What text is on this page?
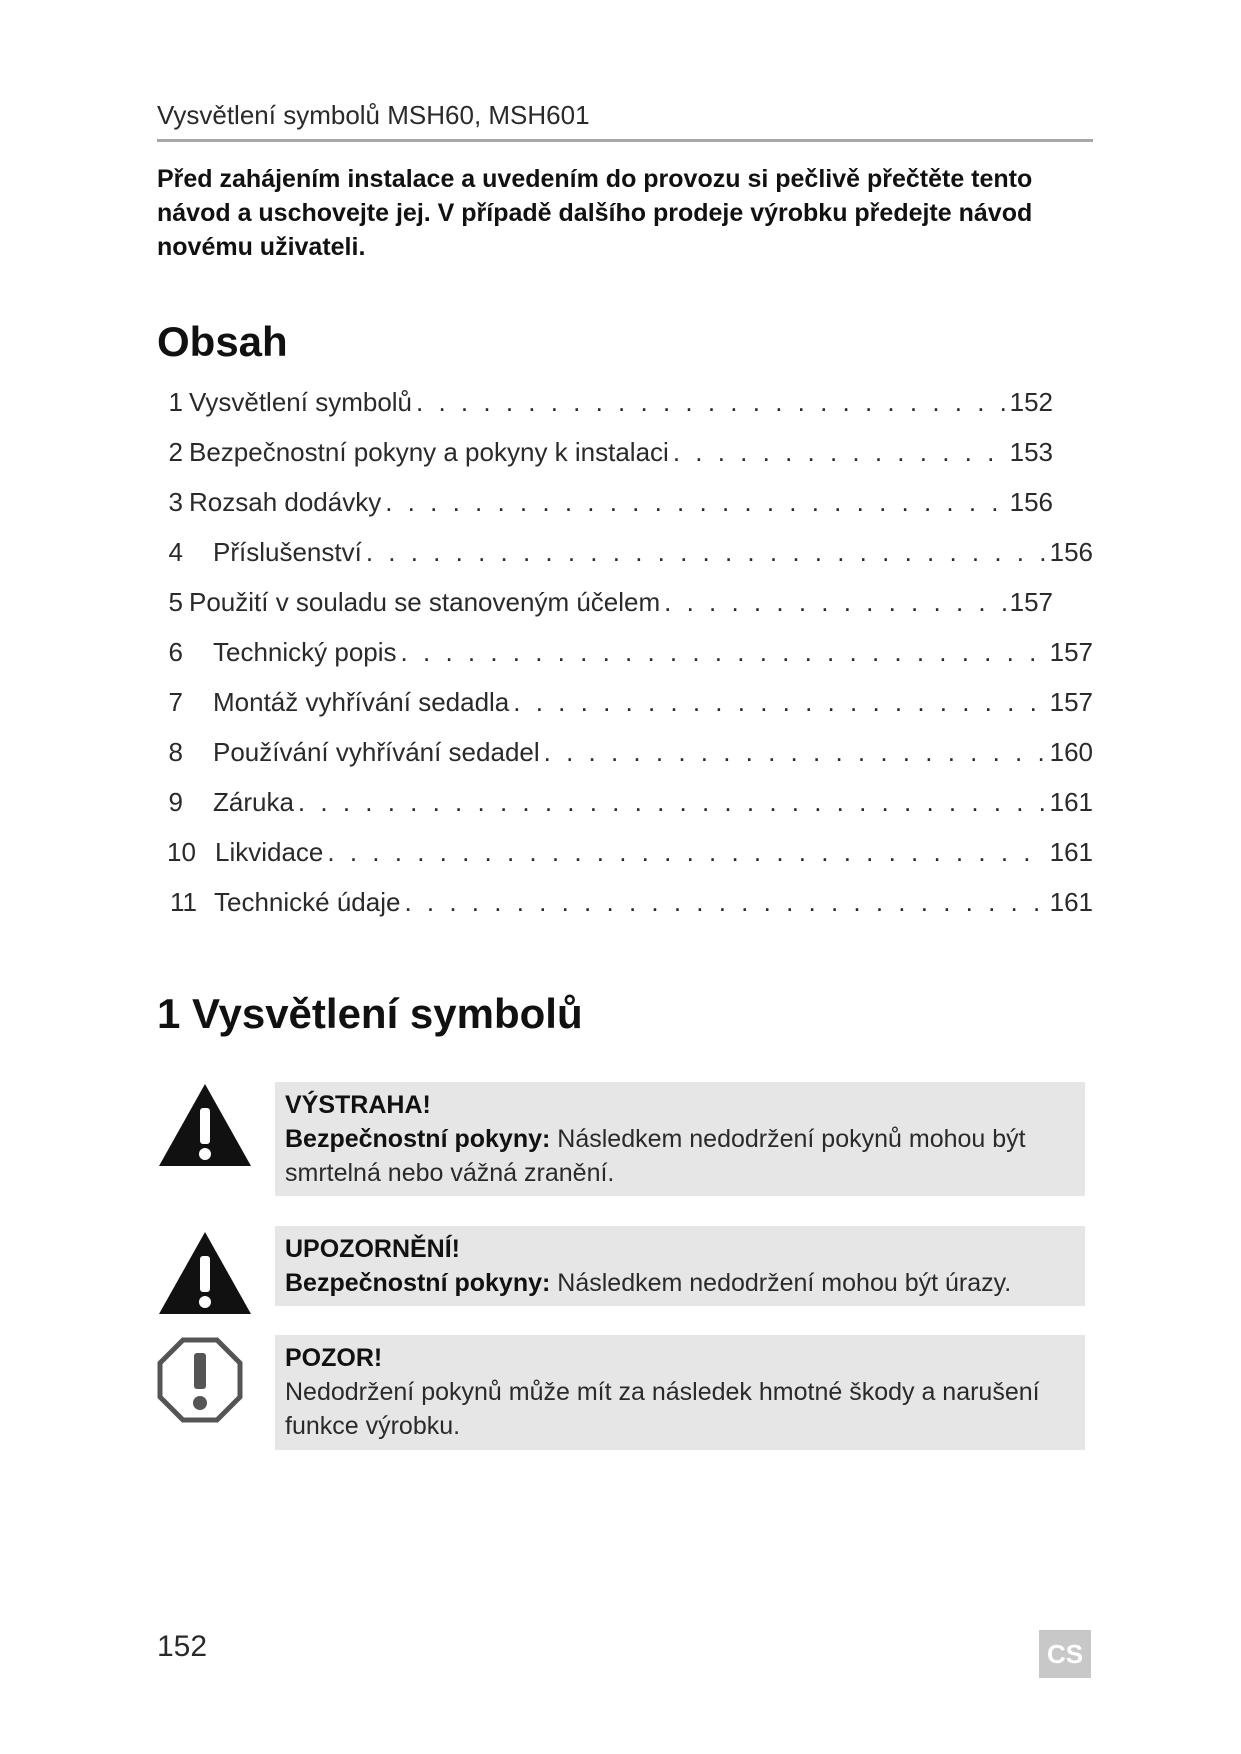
Vysvětlení symbolů MSH60, MSH601
Před zahájením instalace a uvedením do provozu si pečlivě přečtěte tento návod a uschovejte jej. V případě dalšího prodeje výrobku předejte návod novému uživateli.
Obsah
1 Vysvětlení symbolů . . .	152
2 Bezpečnostní pokyny a pokyny k instalaci . . .	153
3 Rozsah dodávky . . .	156
4 Příslušenství . . .	156
5 Použití v souladu se stanoveným účelem . . .	157
6 Technický popis . . .	157
7 Montáž vyhřívání sedadla . . .	157
8 Používání vyhřívání sedadel . . .	160
9 Záruka . . .	161
10 Likvidace . . .	161
11 Technické údaje . . .	161
1 Vysvětlení symbolů
VÝSTRAHA!
Bezpečnostní pokyny: Následkem nedodržení pokynů mohou být smrtelná nebo vážná zranění.
UPOZORNĚNÍ!
Bezpečnostní pokyny: Následkem nedodržení mohou být úrazy.
POZOR!
Nedodržení pokynů může mít za následek hmotné škody a narušení funkce výrobku.
152	CS
